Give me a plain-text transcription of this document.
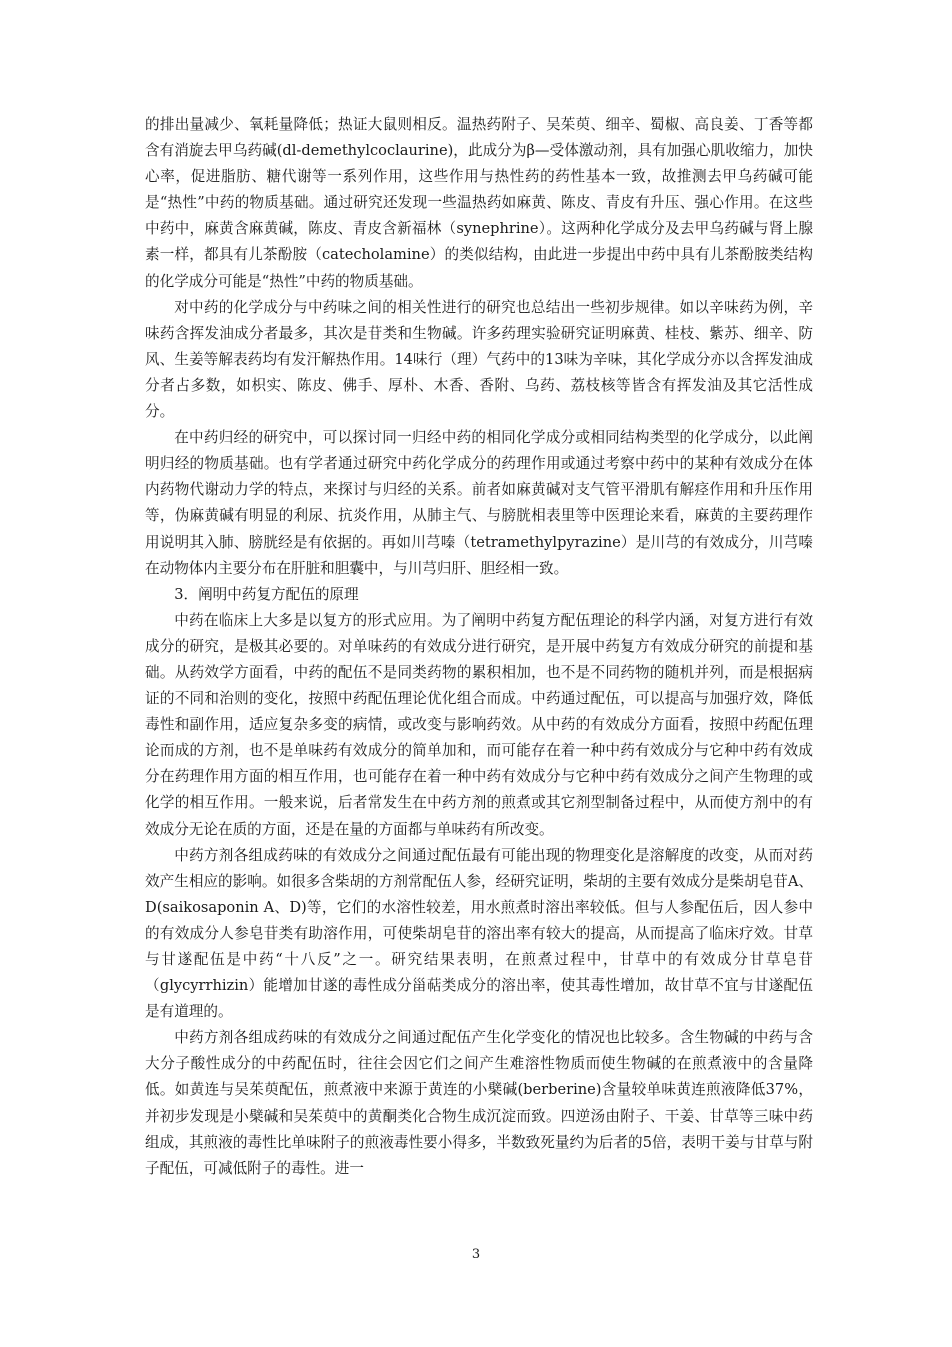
的排出量减少、氧耗量降低；热证大鼠则相反。温热药附子、吴茱萸、细辛、蜀椒、高良姜、丁香等都含有消旋去甲乌药碱(dl-demethylcoclaurine)，此成分为β—受体激动剂，具有加强心肌收缩力，加快心率，促进脂肪、糖代谢等一系列作用，这些作用与热性药的药性基本一致，故推测去甲乌药碱可能是“热性”中药的物质基础。通过研究还发现一些温热药如麻黄、陈皮、青皮有升压、强心作用。在这些中药中，麻黄含麻黄碱，陈皮、青皮含新福林（synephrine）。这两种化学成分及去甲乌药碱与肾上腺素一样，都具有儿茶酚胺（catecholamine）的类似结构，由此进一步提出中药中具有儿茶酚胺类结构的化学成分可能是“热性”中药的物质基础。

对中药的化学成分与中药味之间的相关性进行的研究也总结出一些初步规律。如以辛味药为例，辛味药含挥发油成分者最多，其次是苷类和生物碱。许多药理实验研究证明麻黄、桂枝、紫苏、细辛、防风、生姜等解表药均有发汗解热作用。14味行（理）气药中的13味为辛味，其化学成分亦以含挥发油成分者占多数，如枳实、陈皮、佛手、厚朴、木香、香附、乌药、荔枝核等皆含有挥发油及其它活性成分。

在中药归经的研究中，可以探讨同一归经中药的相同化学成分或相同结构类型的化学成分，以此阐明归经的物质基础。也有学者通过研究中药化学成分的药理作用或通过考察中药中的某种有效成分在体内药物代谢动力学的特点，来探讨与归经的关系。前者如麻黄碱对支气管平滑肌有解痉作用和升压作用等，伪麻黄碱有明显的利尿、抗炎作用，从肺主气、与膀胱相表里等中医理论来看，麻黄的主要药理作用说明其入肺、膀胱经是有依据的。再如川芎嗪（tetramethylpyrazine）是川芎的有效成分，川芎嗪在动物体内主要分布在肝脏和胆囊中，与川芎归肝、胆经相一致。

3．阐明中药复方配伍的原理

中药在临床上大多是以复方的形式应用。为了阐明中药复方配伍理论的科学内涵，对复方进行有效成分的研究，是极其必要的。对单味药的有效成分进行研究，是开展中药复方有效成分研究的前提和基础。从药效学方面看，中药的配伍不是同类药物的累积相加，也不是不同药物的随机并列，而是根据病证的不同和治则的变化，按照中药配伍理论优化组合而成。中药通过配伍，可以提高与加强疗效，降低毒性和副作用，适应复杂多变的病情，或改变与影响药效。从中药的有效成分方面看，按照中药配伍理论而成的方剂，也不是单味药有效成分的简单加和，而可能存在着一种中药有效成分与它种中药有效成分在药理作用方面的相互作用，也可能存在着一种中药有效成分与它种中药有效成分之间产生物理的或化学的相互作用。一般来说，后者常发生在中药方剂的煎煮或其它剂型制备过程中，从而使方剂中的有效成分无论在质的方面，还是在量的方面都与单味药有所改变。

中药方剂各组成药味的有效成分之间通过配伍最有可能出现的物理变化是溶解度的改变，从而对药效产生相应的影响。如很多含柴胡的方剂常配伍人参，经研究证明，柴胡的主要有效成分是柴胡皂苷A、D(saikosaponin A、D)等，它们的水溶性较差，用水煎煮时溶出率较低。但与人参配伍后，因人参中的有效成分人参皂苷类有助溶作用，可使柴胡皂苷的溶出率有较大的提高，从而提高了临床疗效。甘草与甘遂配伍是中药“十八反”之一。研究结果表明，在煎煮过程中，甘草中的有效成分甘草皂苷（glycyrrhizin）能增加甘遂的毒性成分甾萜类成分的溶出率，使其毒性增加，故甘草不宜与甘遂配伍是有道理的。

中药方剂各组成药味的有效成分之间通过配伍产生化学变化的情况也比较多。含生物碱的中药与含大分子酸性成分的中药配伍时，往往会因它们之间产生难溶性物质而使生物碱的在煎煮液中的含量降低。如黄连与吴茱萸配伍，煎煮液中来源于黄连的小檗碱(berberine)含量较单味黄连煎液降低37%，并初步发现是小檗碱和吴茱萸中的黄酮类化合物生成沉淀而致。四逆汤由附子、干姜、甘草等三味中药组成，其煎液的毒性比单味附子的煎液毒性要小得多，半数致死量约为后者的5倍，表明干姜与甘草与附子配伍，可减低附子的毒性。进一

3
